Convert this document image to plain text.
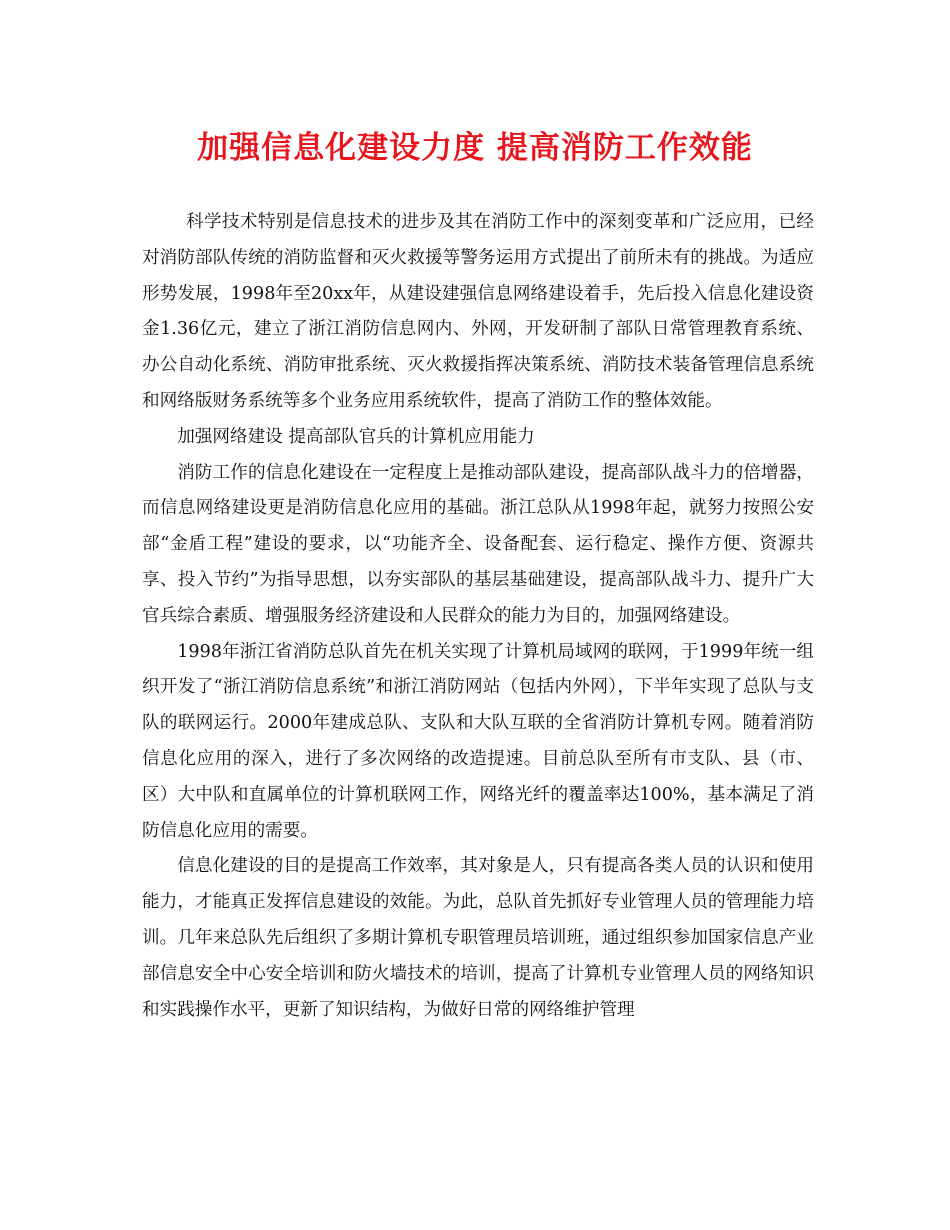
加强信息化建设力度 提高消防工作效能

科学技术特别是信息技术的进步及其在消防工作中的深刻变革和广泛应用，已经对消防部队传统的消防监督和灭火救援等警务运用方式提出了前所未有的挑战。为适应形势发展，1998年至20xx年，从建设建强信息网络建设着手，先后投入信息化建设资金1.36亿元，建立了浙江消防信息网内、外网，开发研制了部队日常管理教育系统、办公自动化系统、消防审批系统、灭火救援指挥决策系统、消防技术装备管理信息系统和网络版财务系统等多个业务应用系统软件，提高了消防工作的整体效能。

加强网络建设 提高部队官兵的计算机应用能力

消防工作的信息化建设在一定程度上是推动部队建设，提高部队战斗力的倍增器，而信息网络建设更是消防信息化应用的基础。浙江总队从1998年起，就努力按照公安部“金盾工程”建设的要求，以“功能齐全、设备配套、运行稳定、操作方便、资源共享、投入节约”为指导思想，以夯实部队的基层基础建设，提高部队战斗力、提升广大官兵综合素质、增强服务经济建设和人民群众的能力为目的，加强网络建设。

1998年浙江省消防总队首先在机关实现了计算机局域网的联网，于1999年统一组织开发了“浙江消防信息系统”和浙江消防网站（包括内外网），下半年实现了总队与支队的联网运行。2000年建成总队、支队和大队互联的全省消防计算机专网。随着消防信息化应用的深入，进行了多次网络的改造提速。目前总队至所有市支队、县（市、区）大中队和直属单位的计算机联网工作，网络光纤的覆盖率达100%，基本满足了消防信息化应用的需要。

信息化建设的目的是提高工作效率，其对象是人，只有提高各类人员的认识和使用能力，才能真正发挥信息建设的效能。为此，总队首先抓好专业管理人员的管理能力培训。几年来总队先后组织了多期计算机专职管理员培训班，通过组织参加国家信息产业部信息安全中心安全培训和防火墙技术的培训，提高了计算机专业管理人员的网络知识和实践操作水平，更新了知识结构，为做好日常的网络维护管理
